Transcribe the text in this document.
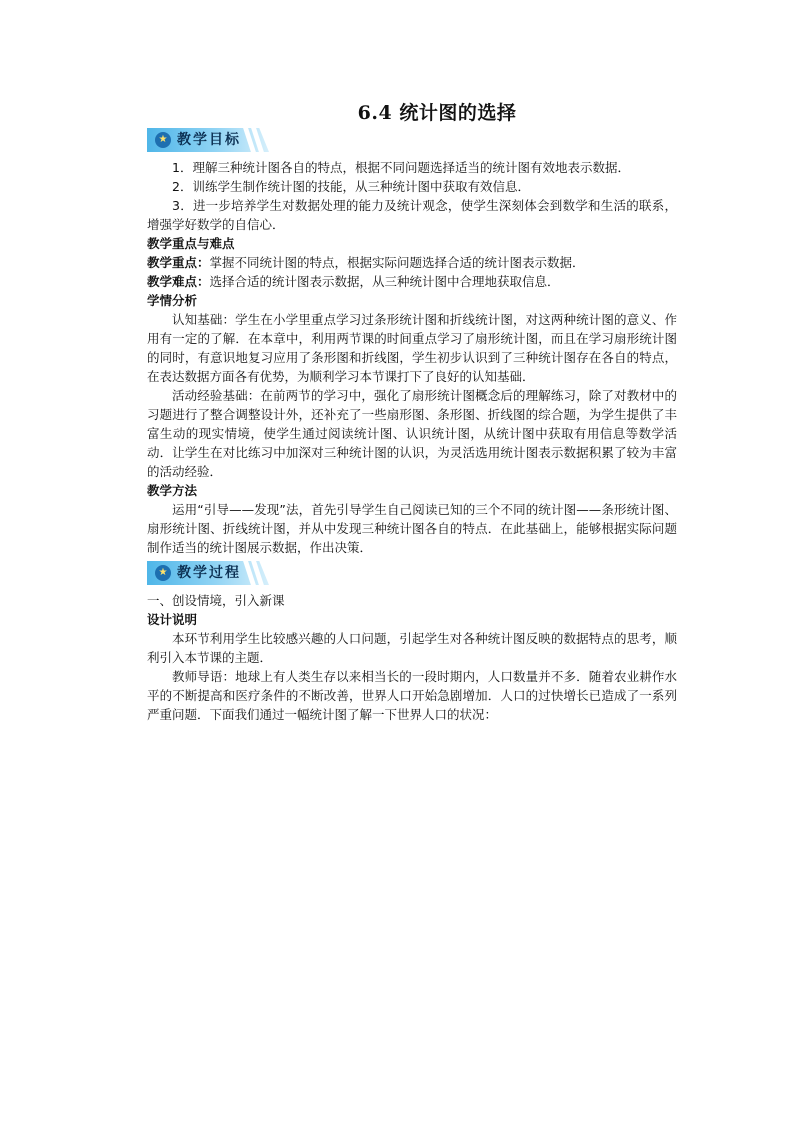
6.4 统计图的选择
★ 教学目标

1．理解三种统计图各自的特点，根据不同问题选择适当的统计图有效地表示数据．

2．训练学生制作统计图的技能，从三种统计图中获取有效信息．

3．进一步培养学生对数据处理的能力及统计观念，使学生深刻体会到数学和生活的联系，增强学好数学的自信心．

教学重点与难点
教学重点：掌握不同统计图的特点，根据实际问题选择合适的统计图表示数据．
教学难点：选择合适的统计图表示数据，从三种统计图中合理地获取信息．
学情分析

认知基础：学生在小学里重点学习过条形统计图和折线统计图，对这两种统计图的意义、作用有一定的了解．在本章中，利用两节课的时间重点学习了扇形统计图，而且在学习扇形统计图的同时，有意识地复习应用了条形图和折线图，学生初步认识到了三种统计图存在各自的特点，在表达数据方面各有优势，为顺利学习本节课打下了良好的认知基础．

活动经验基础：在前两节的学习中，强化了扇形统计图概念后的理解练习，除了对教材中的习题进行了整合调整设计外，还补充了一些扇形图、条形图、折线图的综合题，为学生提供了丰富生动的现实情境，使学生通过阅读统计图、认识统计图，从统计图中获取有用信息等数学活动．让学生在对比练习中加深对三种统计图的认识，为灵活选用统计图表示数据积累了较为丰富的活动经验．

教学方法

运用“引导——发现”法，首先引导学生自己阅读已知的三个不同的统计图——条形统计图、扇形统计图、折线统计图，并从中发现三种统计图各自的特点．在此基础上，能够根据实际问题制作适当的统计图展示数据，作出决策．

★ 教学过程
一、创设情境，引入新课
设计说明

本环节利用学生比较感兴趣的人口问题，引起学生对各种统计图反映的数据特点的思考，顺利引入本节课的主题．

教师导语：地球上有人类生存以来相当长的一段时期内，人口数量并不多．随着农业耕作水平的不断提高和医疗条件的不断改善，世界人口开始急剧增加．人口的过快增长已造成了一系列严重问题．下面我们通过一幅统计图了解一下世界人口的状况：
